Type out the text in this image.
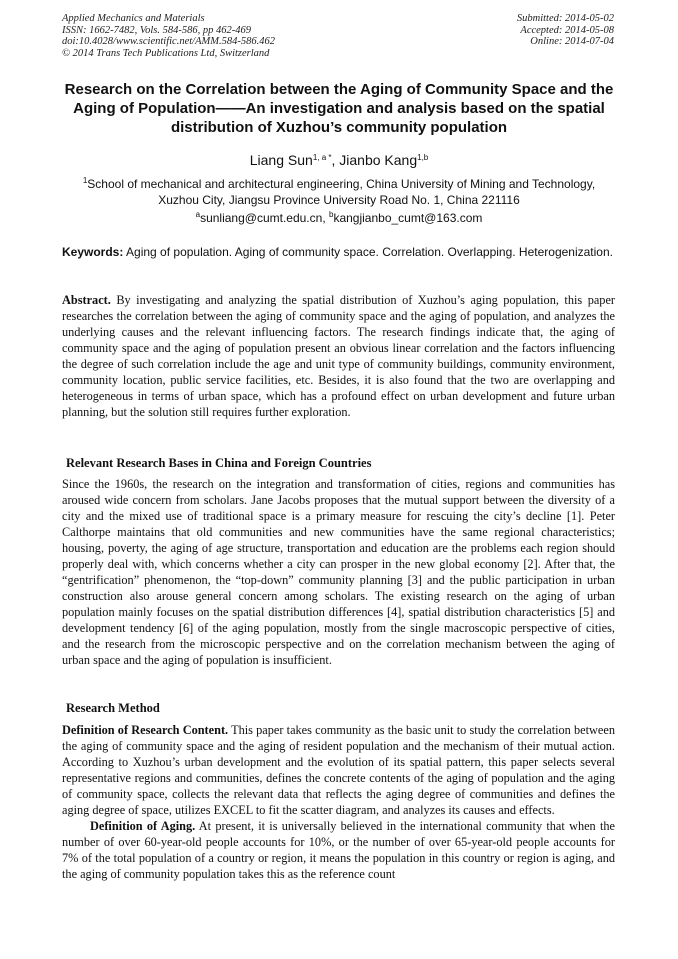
Applied Mechanics and Materials
ISSN: 1662-7482, Vols. 584-586, pp 462-469
doi:10.4028/www.scientific.net/AMM.584-586.462
© 2014 Trans Tech Publications Ltd, Switzerland
Submitted: 2014-05-02
Accepted: 2014-05-08
Online: 2014-07-04
Research on the Correlation between the Aging of Community Space and the Aging of Population——An investigation and analysis based on the spatial distribution of Xuzhou’s community population
Liang Sun$^{1, a *}$, Jianbo Kang$^{1,b}$
$^1$School of mechanical and architectural engineering, China University of Mining and Technology, Xuzhou City, Jiangsu Province University Road No. 1, China 221116
$^a$sunliang@cumt.edu.cn, $^b$kangjianbo_cumt@163.com
Keywords: Aging of population. Aging of community space. Correlation. Overlapping. Heterogenization.
Abstract. By investigating and analyzing the spatial distribution of Xuzhou’s aging population, this paper researches the correlation between the aging of community space and the aging of population, and analyzes the underlying causes and the relevant influencing factors. The research findings indicate that, the aging of community space and the aging of population present an obvious linear correlation and the factors influencing the degree of such correlation include the age and unit type of community buildings, community environment, community location, public service facilities, etc. Besides, it is also found that the two are overlapping and heterogeneous in terms of urban space, which has a profound effect on urban development and future urban planning, but the solution still requires further exploration.
Relevant Research Bases in China and Foreign Countries
Since the 1960s, the research on the integration and transformation of cities, regions and communities has aroused wide concern from scholars. Jane Jacobs proposes that the mutual support between the diversity of a city and the mixed use of traditional space is a primary measure for rescuing the city’s decline [1]. Peter Calthorpe maintains that old communities and new communities have the same regional characteristics; housing, poverty, the aging of age structure, transportation and education are the problems each region should properly deal with, which concerns whether a city can prosper in the new global economy [2]. After that, the “gentrification” phenomenon, the “top-down” community planning [3] and the public participation in urban construction also arouse general concern among scholars. The existing research on the aging of urban population mainly focuses on the spatial distribution differences [4], spatial distribution characteristics [5] and development tendency [6] of the aging population, mostly from the single macroscopic perspective of cities, and the research from the microscopic perspective and on the correlation mechanism between the aging of urban space and the aging of population is insufficient.
Research Method

Definition of Research Content. This paper takes community as the basic unit to study the correlation between the aging of community space and the aging of resident population and the mechanism of their mutual action. According to Xuzhou’s urban development and the evolution of its spatial pattern, this paper selects several representative regions and communities, defines the concrete contents of the aging of population and the aging of community space, collects the relevant data that reflects the aging degree of communities and defines the aging degree of space, utilizes EXCEL to fit the scatter diagram, and analyzes its causes and effects.

Definition of Aging. At present, it is universally believed in the international community that when the number of over 60-year-old people accounts for 10%, or the number of over 65-year-old people accounts for 7% of the total population of a country or region, it means the population in this country or region is aging, and the aging of community population takes this as the reference count
